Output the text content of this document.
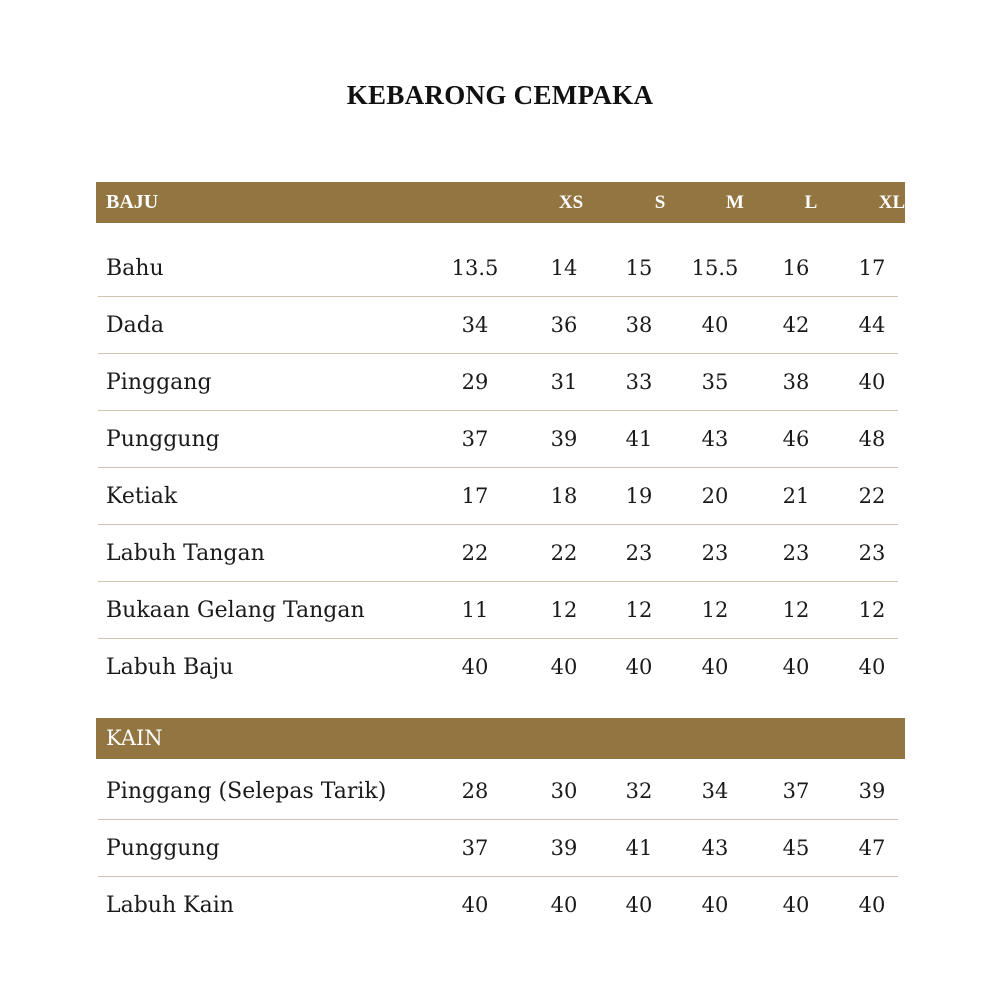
KEBARONG CEMPAKA
BAJU	XS	S	M	L	XL	XXL
Bahu	13.5	14	15	15.5	16	17
Dada	34	36	38	40	42	44
Pinggang	29	31	33	35	38	40
Punggung	37	39	41	43	46	48
Ketiak	17	18	19	20	21	22
Labuh Tangan	22	22	23	23	23	23
Bukaan Gelang Tangan	11	12	12	12	12	12
Labuh Baju	40	40	40	40	40	40
KAIN
Pinggang (Selepas Tarik)	28	30	32	34	37	39
Punggung	37	39	41	43	45	47
Labuh Kain	40	40	40	40	40	40
